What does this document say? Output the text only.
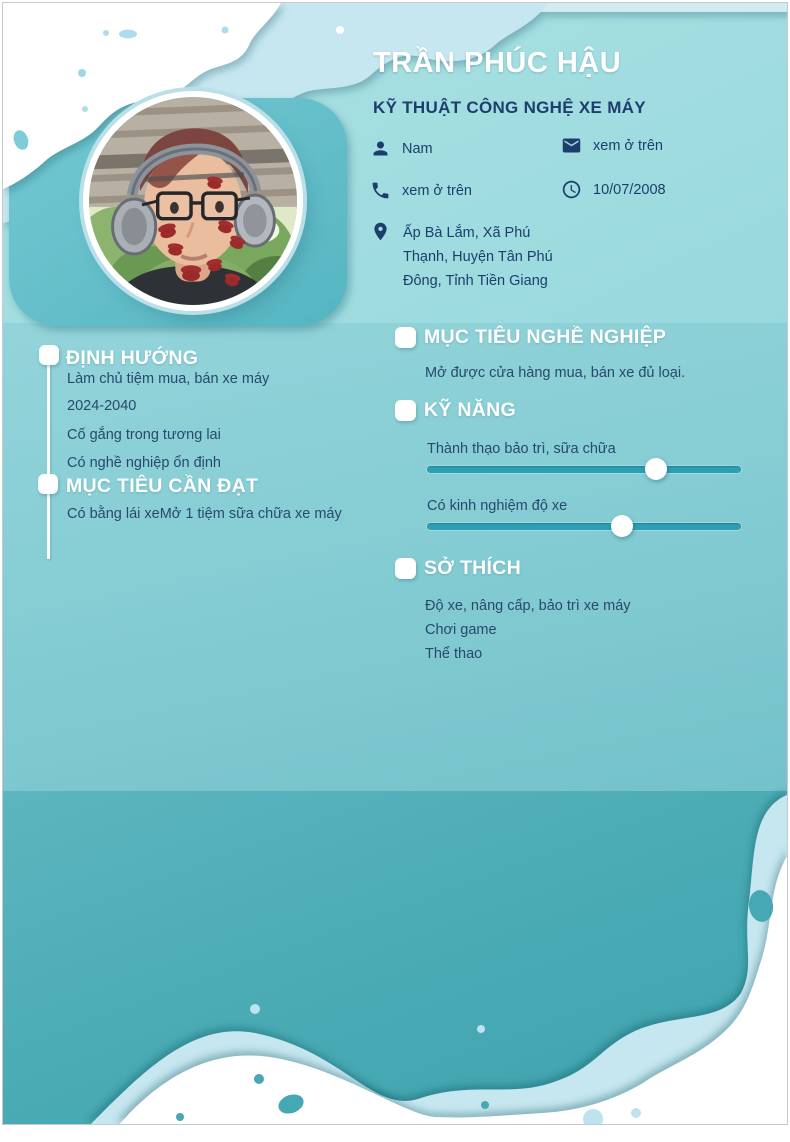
TRẦN PHÚC HẬU
KỸ THUẬT CÔNG NGHỆ XE MÁY
Nam	xem ở trên
xem ở trên	10/07/2008
Ấp Bà Lắm, Xã Phú Thạnh, Huyện Tân Phú Đông, Tỉnh Tiền Giang
ĐỊNH HƯỚNG
Làm chủ tiệm mua, bán xe máy
2024-2040
Cố gắng trong tương lai
Có nghề nghiệp ổn định
MỤC TIÊU CẦN ĐẠT
Có bằng lái xeMở 1 tiệm sữa chữa xe máy
MỤC TIÊU NGHỀ NGHIỆP
Mở được cửa hàng mua, bán xe đủ loại.
KỸ NĂNG
Thành thạo bảo trì, sữa chữa
Có kinh nghiệm độ xe
SỞ THÍCH
Độ xe, nâng cấp, bảo trì xe máy
Chơi game
Thể thao
